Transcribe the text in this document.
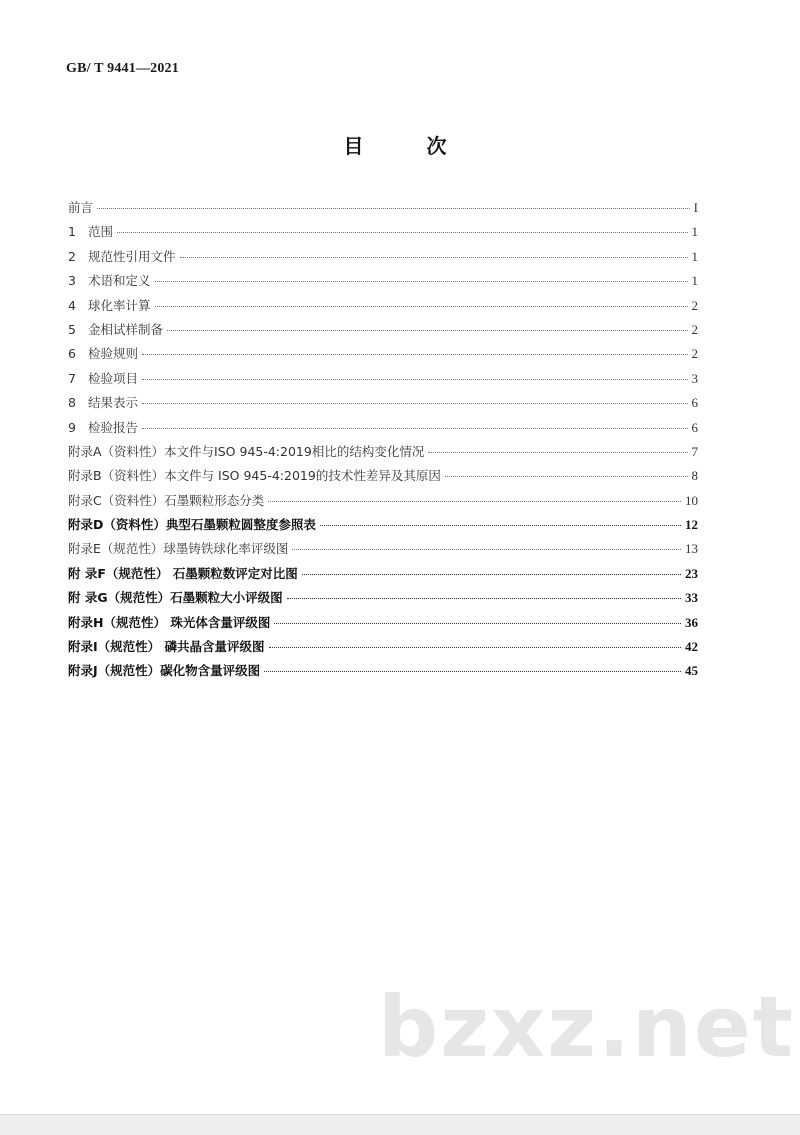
GB/ T 9441—2021
目 次
前言	I
1 范围	1
2 规范性引用文件	1
3 术语和定义	1
4 球化率计算	2
5 金相试样制备	2
6 检验规则	2
7 检验项目	3
8 结果表示	6
9 检验报告	6
附录A（资料性）本文件与ISO 945-4:2019相比的结构变化情况	7
附录B（资料性）本文件与 ISO 945-4:2019的技术性差异及其原因	8
附录C（资料性）石墨颗粒形态分类	10
附录D（资料性）典型石墨颗粒圆整度参照表	12
附录E（规范性）球墨铸铁球化率评级图	13
附 录F（规范性） 石墨颗粒数评定对比图	23
附 录G（规范性）石墨颗粒大小评级图	33
附录H（规范性） 珠光体含量评级图	36
附录I（规范性） 磷共晶含量评级图	42
附录J（规范性）碳化物含量评级图	45
bzxz.net
